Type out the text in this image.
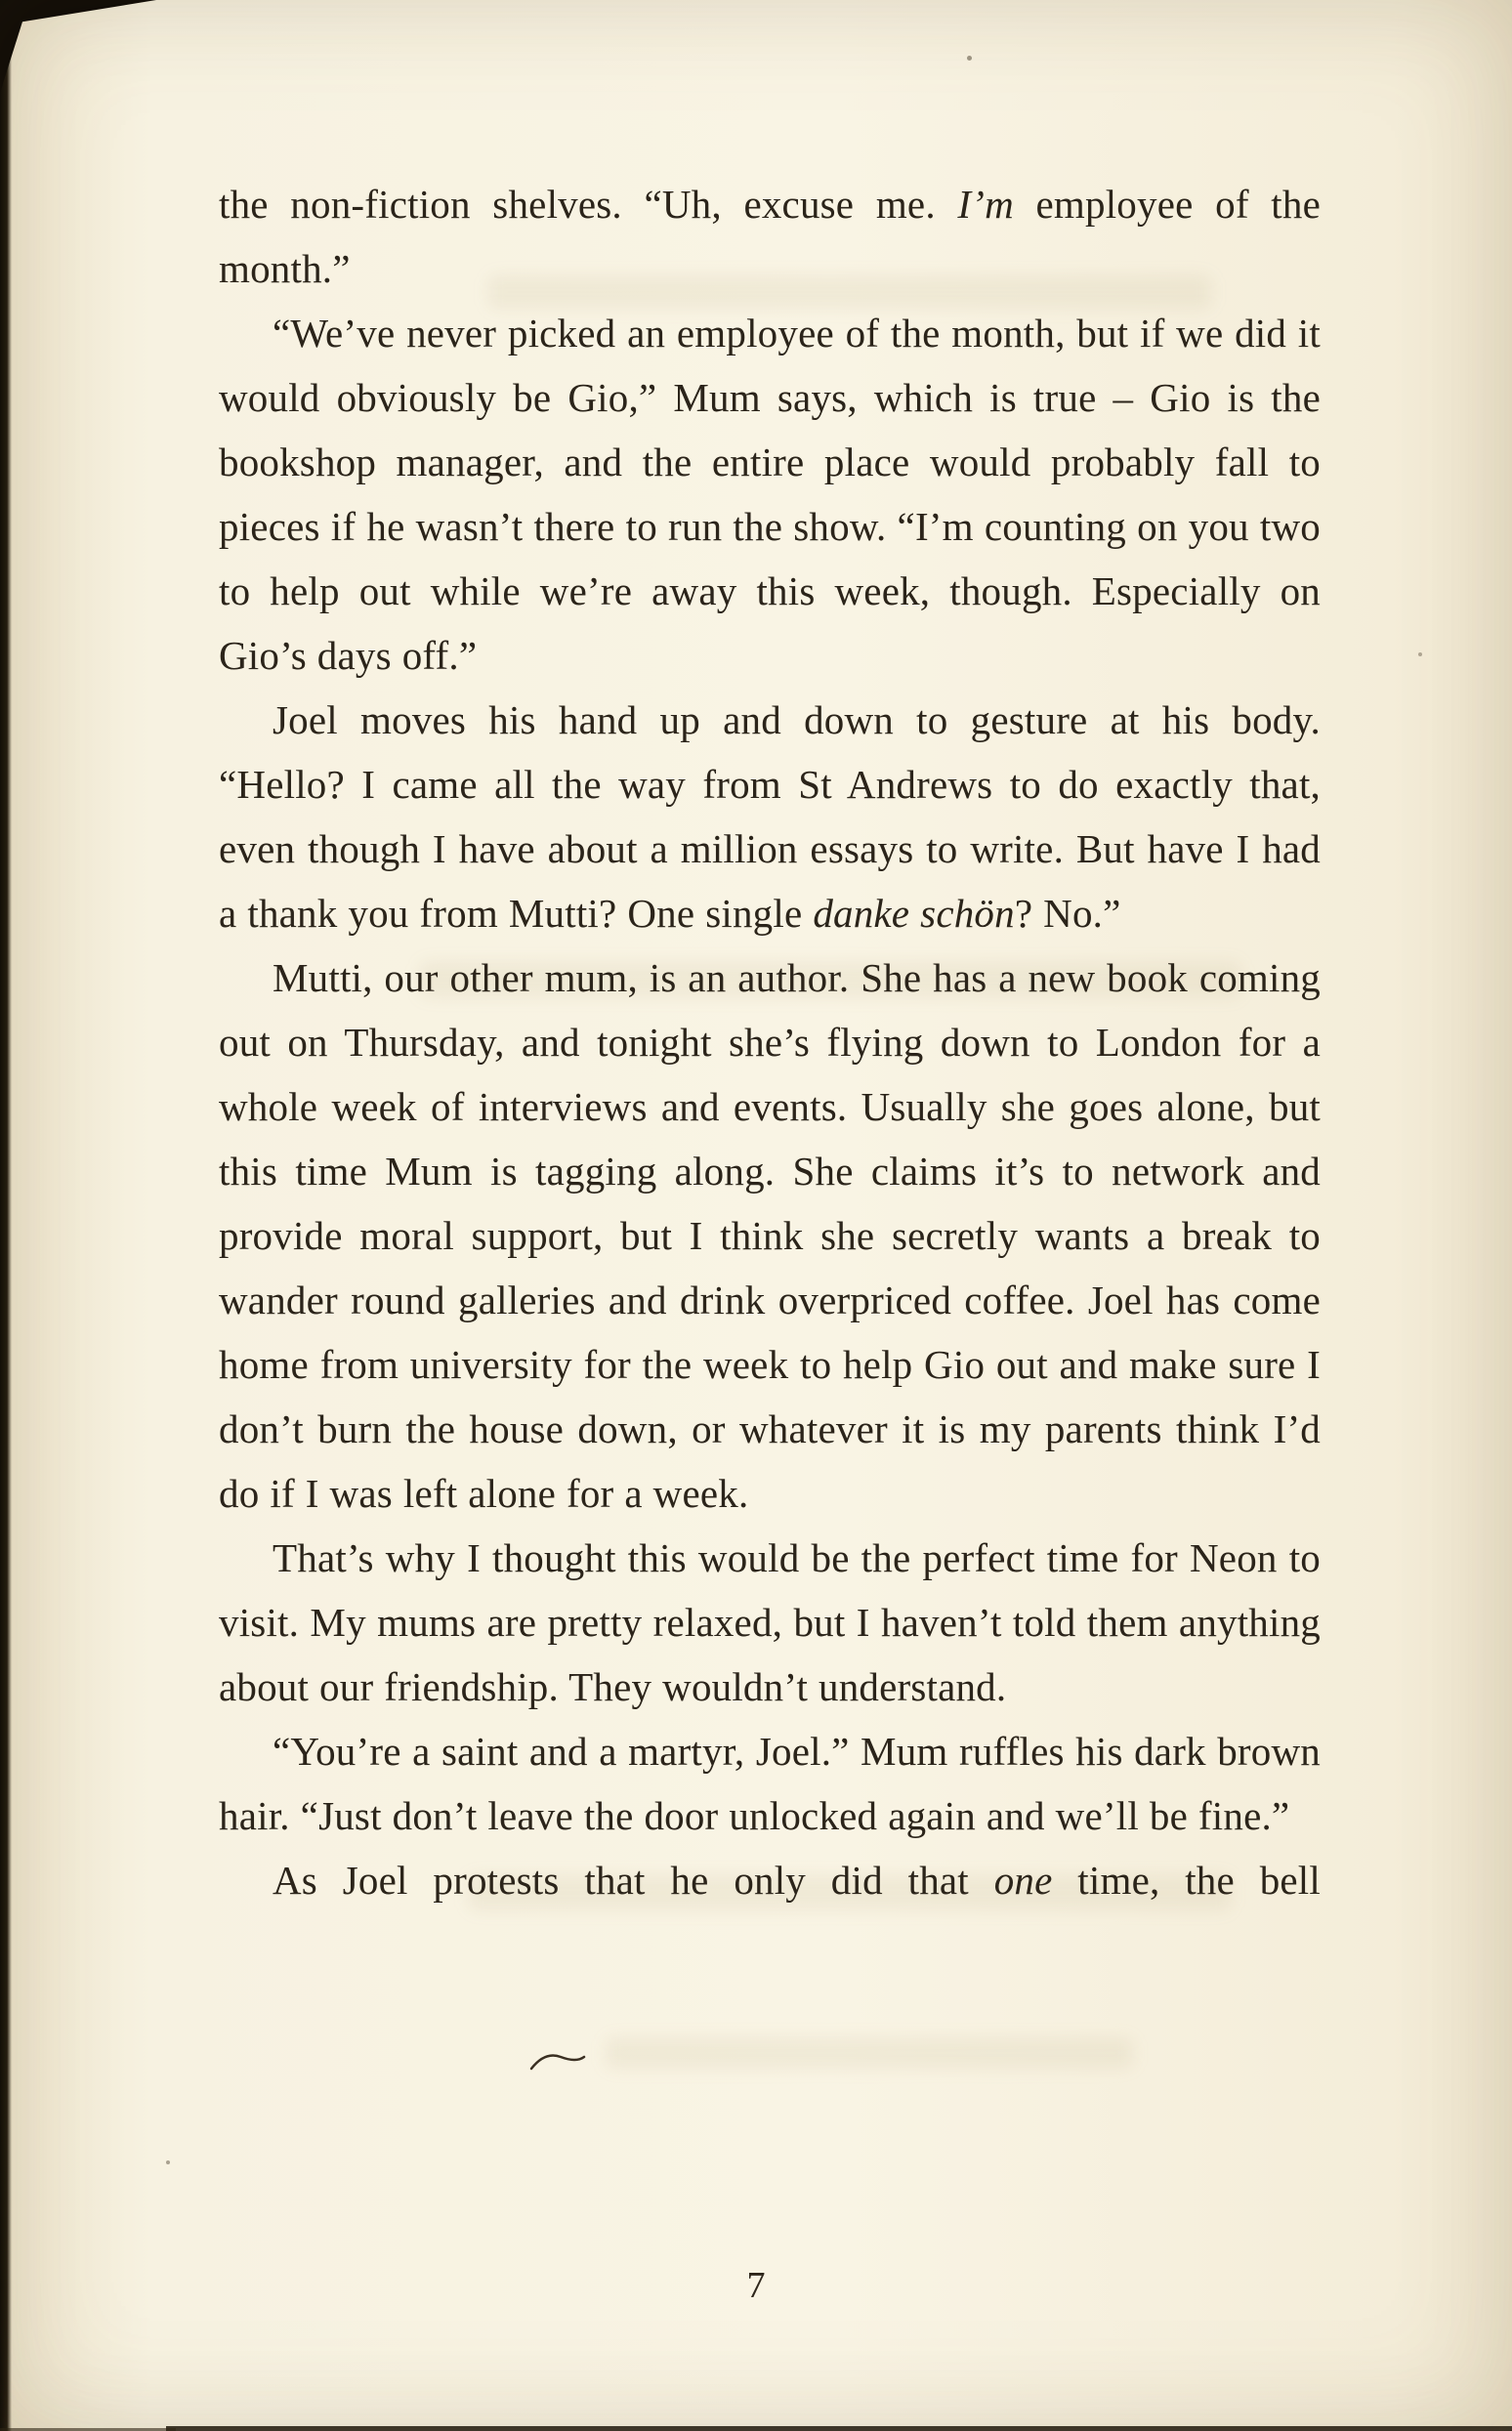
the non-fiction shelves. “Uh, excuse me. I’m employee of the month.”

“We’ve never picked an employee of the month, but if we did it would obviously be Gio,” Mum says, which is true – Gio is the bookshop manager, and the entire place would probably fall to pieces if he wasn’t there to run the show. “I’m counting on you two to help out while we’re away this week, though. Especially on Gio’s days off.”

Joel moves his hand up and down to gesture at his body. “Hello? I came all the way from St Andrews to do exactly that, even though I have about a million essays to write. But have I had a thank you from Mutti? One single danke schön? No.”

Mutti, our other mum, is an author. She has a new book coming out on Thursday, and tonight she’s flying down to London for a whole week of interviews and events. Usually she goes alone, but this time Mum is tagging along. She claims it’s to network and provide moral support, but I think she secretly wants a break to wander round galleries and drink overpriced coffee. Joel has come home from university for the week to help Gio out and make sure I don’t burn the house down, or whatever it is my parents think I’d do if I was left alone for a week.

That’s why I thought this would be the perfect time for Neon to visit. My mums are pretty relaxed, but I haven’t told them anything about our friendship. They wouldn’t understand.

“You’re a saint and a martyr, Joel.” Mum ruffles his dark brown hair. “Just don’t leave the door unlocked again and we’ll be fine.”

As Joel protests that he only did that one time, the bell

7
